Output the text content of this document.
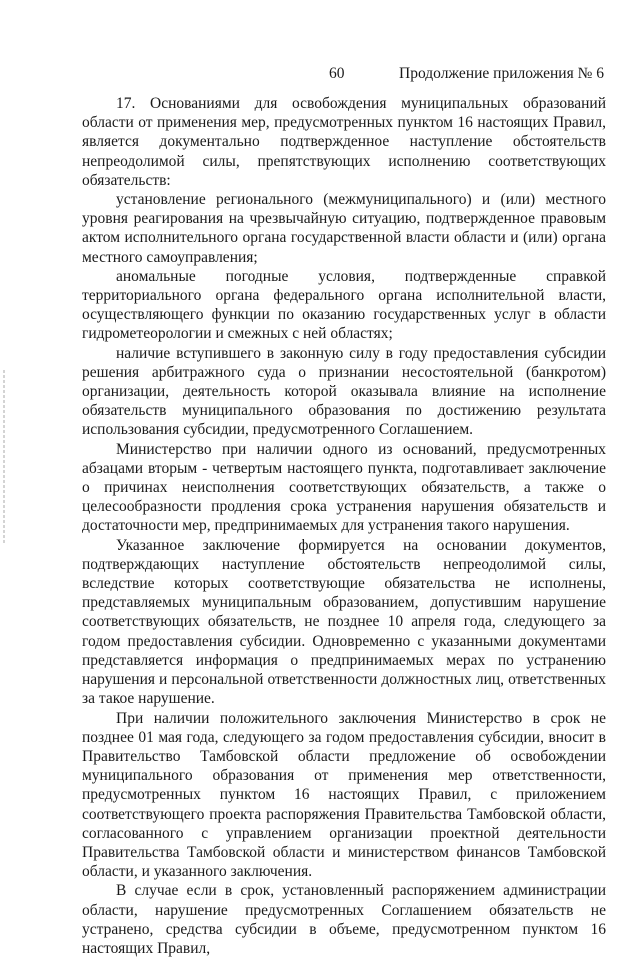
60	Продолжение приложения № 6

17. Основаниями для освобождения муниципальных образований области от применения мер, предусмотренных пунктом 16 настоящих Правил, является документально подтвержденное наступление обстоятельств непреодолимой силы, препятствующих исполнению соответствующих обязательств:

установление регионального (межмуниципального) и (или) местного уровня реагирования на чрезвычайную ситуацию, подтвержденное правовым актом исполнительного органа государственной власти области и (или) органа местного самоуправления;

аномальные погодные условия, подтвержденные справкой территориального органа федерального органа исполнительной власти, осуществляющего функции по оказанию государственных услуг в области гидрометеорологии и смежных с ней областях;

наличие вступившего в законную силу в году предоставления субсидии решения арбитражного суда о признании несостоятельной (банкротом) организации, деятельность которой оказывала влияние на исполнение обязательств муниципального образования по достижению результата использования субсидии, предусмотренного Соглашением.

Министерство при наличии одного из оснований, предусмотренных абзацами вторым - четвертым настоящего пункта, подготавливает заключение о причинах неисполнения соответствующих обязательств, а также о целесообразности продления срока устранения нарушения обязательств и достаточности мер, предпринимаемых для устранения такого нарушения.

Указанное заключение формируется на основании документов, подтверждающих наступление обстоятельств непреодолимой силы, вследствие которых соответствующие обязательства не исполнены, представляемых муниципальным образованием, допустившим нарушение соответствующих обязательств, не позднее 10 апреля года, следующего за годом предоставления субсидии. Одновременно с указанными документами представляется информация о предпринимаемых мерах по устранению нарушения и персональной ответственности должностных лиц, ответственных за такое нарушение.

При наличии положительного заключения Министерство в срок не позднее 01 мая года, следующего за годом предоставления субсидии, вносит в Правительство Тамбовской области предложение об освобождении муниципального образования от применения мер ответственности, предусмотренных пунктом 16 настоящих Правил, с приложением соответствующего проекта распоряжения Правительства Тамбовской области, согласованного с управлением организации проектной деятельности Правительства Тамбовской области и министерством финансов Тамбовской области, и указанного заключения.

В случае если в срок, установленный распоряжением администрации области, нарушение предусмотренных Соглашением обязательств не устранено, средства субсидии в объеме, предусмотренном пунктом 16 настоящих Правил,
